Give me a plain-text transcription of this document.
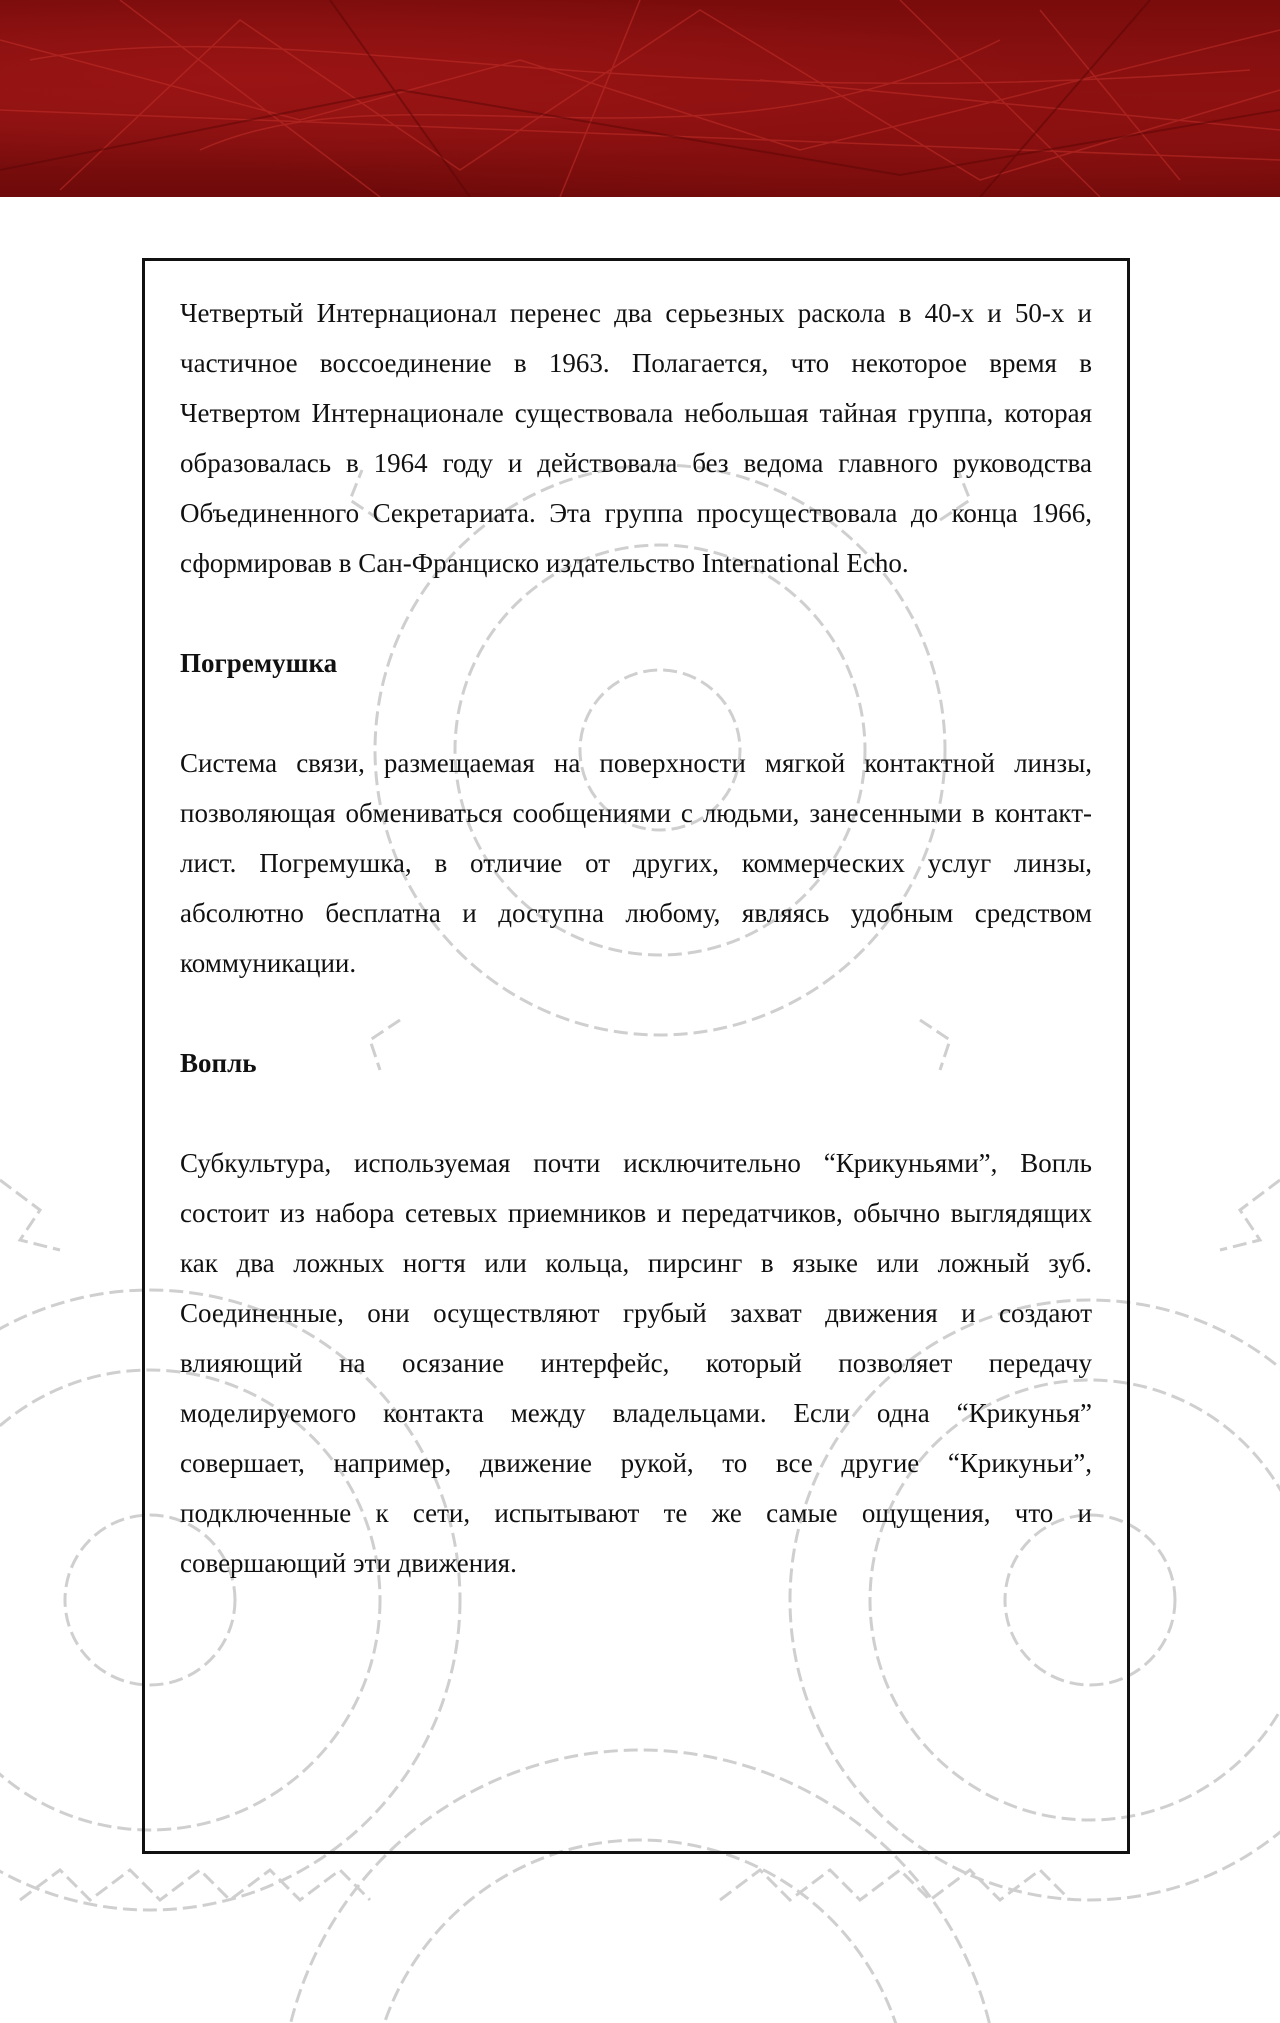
Четвертый Интернационал перенес два серьезных раскола в 40-х и 50-х и частичное воссоединение в 1963. Полагается, что некоторое время в Четвертом Интернационале существовала небольшая тайная группа, которая образовалась в 1964 году и действовала без ведома главного руководства Объединенного Секретариата. Эта группа просуществовала до конца 1966, сформировав в Сан-Франциско издательство International Echo.

Погремушка

Система связи, размещаемая на поверхности мягкой контактной линзы, позволяющая обмениваться сообщениями с людьми, занесенными в контакт-лист. Погремушка, в отличие от других, коммерческих услуг линзы, абсолютно бесплатна и доступна любому, являясь удобным средством коммуникации.

Вопль

Субкультура, используемая почти исключительно “Крикуньями”, Вопль состоит из набора сетевых приемников и передатчиков, обычно выглядящих как два ложных ногтя или кольца, пирсинг в языке или ложный зуб. Соединенные, они осуществляют грубый захват движения и создают влияющий на осязание интерфейс, который позволяет передачу моделируемого контакта между владельцами. Если одна “Крикунья” совершает, например, движение рукой, то все другие “Крикуньи”, подключенные к сети, испытывают те же самые ощущения, что и совершающий эти движения.
